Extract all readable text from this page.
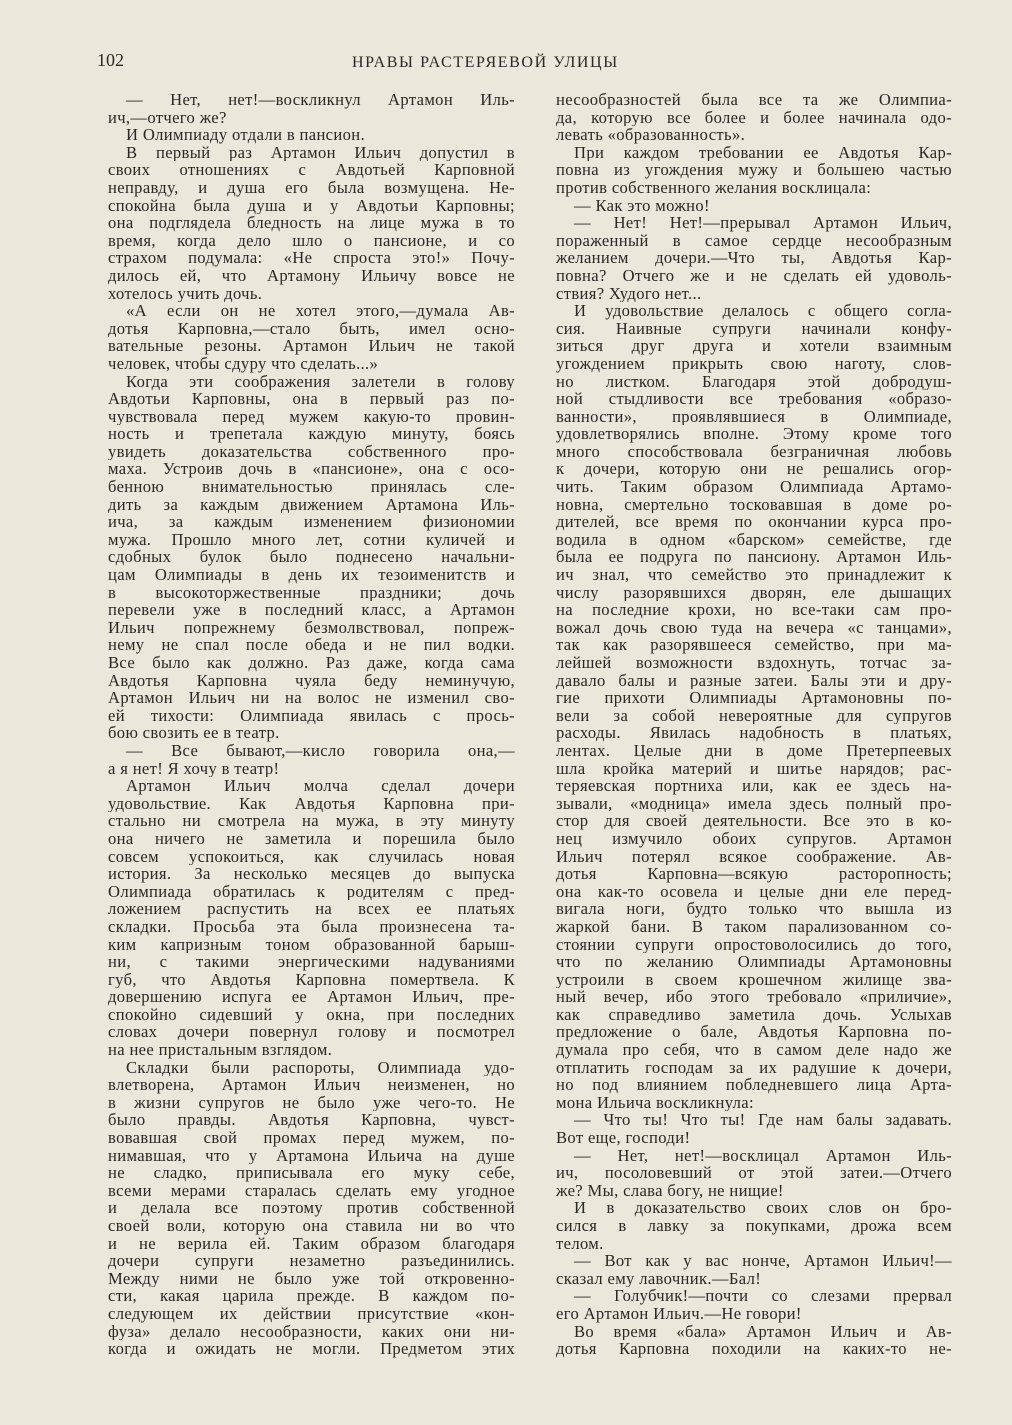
102	НРАВЫ РАСТЕРЯЕВОЙ УЛИЦЫ
— Нет, нет!—воскликнул Артамон Иль-
ич,—отчего же?
И Олимпиаду отдали в пансион.
В первый раз Артамон Ильич допустил в
своих отношениях с Авдотьей Карповной
неправду, и душа его была возмущена. Не-
спокойна была душа и у Авдотьи Карповны;
она подглядела бледность на лице мужа в то
время, когда дело шло о пансионе, и со
страхом подумала: «Не спроста это!» Почу-
дилось ей, что Артамону Ильичу вовсе не
хотелось учить дочь.
«А если он не хотел этого,—думала Ав-
дотья Карповна,—стало быть, имел осно-
вательные резоны. Артамон Ильич не такой
человек, чтобы сдуру что сделать...»
Когда эти соображения залетели в голову
Авдотьи Карповны, она в первый раз по-
чувствовала перед мужем какую-то провин-
ность и трепетала каждую минуту, боясь
увидеть доказательства собственного про-
маха. Устроив дочь в «пансионе», она с осо-
бенною внимательностью принялась сле-
дить за каждым движением Артамона Иль-
ича, за каждым изменением физиономии
мужа. Прошло много лет, сотни куличей и
сдобных булок было поднесено начальни-
цам Олимпиады в день их тезоименитств и
в высокоторжественные праздники; дочь
перевели уже в последний класс, а Артамон
Ильич попрежнему безмолвствовал, попреж-
нему не спал после обеда и не пил водки.
Все было как должно. Раз даже, когда сама
Авдотья Карповна чуяла беду неминучую,
Артамон Ильич ни на волос не изменил сво-
ей тихости: Олимпиада явилась с прось-
бою свозить ее в театр.
— Все бывают,—кисло говорила она,—
а я нет! Я хочу в театр!
Артамон Ильич молча сделал дочери
удовольствие. Как Авдотья Карповна при-
стально ни смотрела на мужа, в эту минуту
она ничего не заметила и порешила было
совсем успокоиться, как случилась новая
история. За несколько месяцев до выпуска
Олимпиада обратилась к родителям с пред-
ложением распустить на всех ее платьях
складки. Просьба эта была произнесена та-
ким капризным тоном образованной барыш-
ни, с такими энергическими надуваниями
губ, что Авдотья Карповна помертвела. К
довершению испуга ее Артамон Ильич, пре-
спокойно сидевший у окна, при последних
словах дочери повернул голову и посмотрел
на нее пристальным взглядом.
Складки были распороты, Олимпиада удо-
влетворена, Артамон Ильич неизменен, но
в жизни супругов не было уже чего-то. Не
было правды. Авдотья Карповна, чувст-
вовавшая свой промах перед мужем, по-
нимавшая, что у Артамона Ильича на душе
не сладко, приписывала его муку себе,
всеми мерами старалась сделать ему угодное
и делала все поэтому против собственной
своей воли, которую она ставила ни во что
и не верила ей. Таким образом благодаря
дочери супруги незаметно разъединились.
Между ними не было уже той откровенно-
сти, какая царила прежде. В каждом по-
следующем их действии присутствие «кон-
фуза» делало несообразности, каких они ни-
когда и ожидать не могли. Предметом этих
несообразностей была все та же Олимпиа-
да, которую все более и более начинала одо-
левать «образованность».
При каждом требовании ее Авдотья Кар-
повна из угождения мужу и большею частью
против собственного желания восклицала:
— Как это можно!
— Нет! Нет!—прерывал Артамон Ильич,
пораженный в самое сердце несообразным
желанием дочери.—Что ты, Авдотья Кар-
повна? Отчего же и не сделать ей удоволь-
ствия? Худого нет...
И удовольствие делалось с общего согла-
сия. Наивные супруги начинали конфу-
зиться друг друга и хотели взаимным
угождением прикрыть свою наготу, слов-
но листком. Благодаря этой добродуш-
ной стыдливости все требования «образо-
ванности», проявлявшиеся в Олимпиаде,
удовлетворялись вполне. Этому кроме того
много способствовала безграничная любовь
к дочери, которую они не решались огор-
чить. Таким образом Олимпиада Артамо-
новна, смертельно тосковавшая в доме ро-
дителей, все время по окончании курса про-
водила в одном «барском» семействе, где
была ее подруга по пансиону. Артамон Иль-
ич знал, что семейство это принадлежит к
числу разорявшихся дворян, еле дышащих
на последние крохи, но все-таки сам про-
вожал дочь свою туда на вечера «с танцами»,
так как разорявшееся семейство, при ма-
лейшей возможности вздохнуть, тотчас за-
давало балы и разные затеи. Балы эти и дру-
гие прихоти Олимпиады Артамоновны по-
вели за собой невероятные для супругов
расходы. Явилась надобность в платьях,
лентах. Целые дни в доме Претерпеевых
шла кройка материй и шитье нарядов; рас-
теряевская портниха или, как ее здесь на-
зывали, «модница» имела здесь полный про-
стор для своей деятельности. Все это в ко-
нец измучило обоих супругов. Артамон
Ильич потерял всякое соображение. Ав-
дотья Карповна—всякую расторопность;
она как-то осовела и целые дни еле перед-
вигала ноги, будто только что вышла из
жаркой бани. В таком парализованном со-
стоянии супруги опростоволосились до того,
что по желанию Олимпиады Артамоновны
устроили в своем крошечном жилище зва-
ный вечер, ибо этого требовало «приличие»,
как справедливо заметила дочь. Услыхав
предложение о бале, Авдотья Карповна по-
думала про себя, что в самом деле надо же
отплатить господам за их радушие к дочери,
но под влиянием побледневшего лица Арта-
мона Ильича воскликнула:
— Что ты! Что ты! Где нам балы задавать.
Вот еще, господи!
— Нет, нет!—восклицал Артамон Иль-
ич, посоловевший от этой затеи.—Отчего
же? Мы, слава богу, не нищие!
И в доказательство своих слов он бро-
сился в лавку за покупками, дрожа всем
телом.
— Вот как у вас нонче, Артамон Ильич!—
сказал ему лавочник.—Бал!
— Голубчик!—почти со слезами прервал
его Артамон Ильич.—Не говори!
Во время «бала» Артамон Ильич и Ав-
дотья Карповна походили на каких-то не-
